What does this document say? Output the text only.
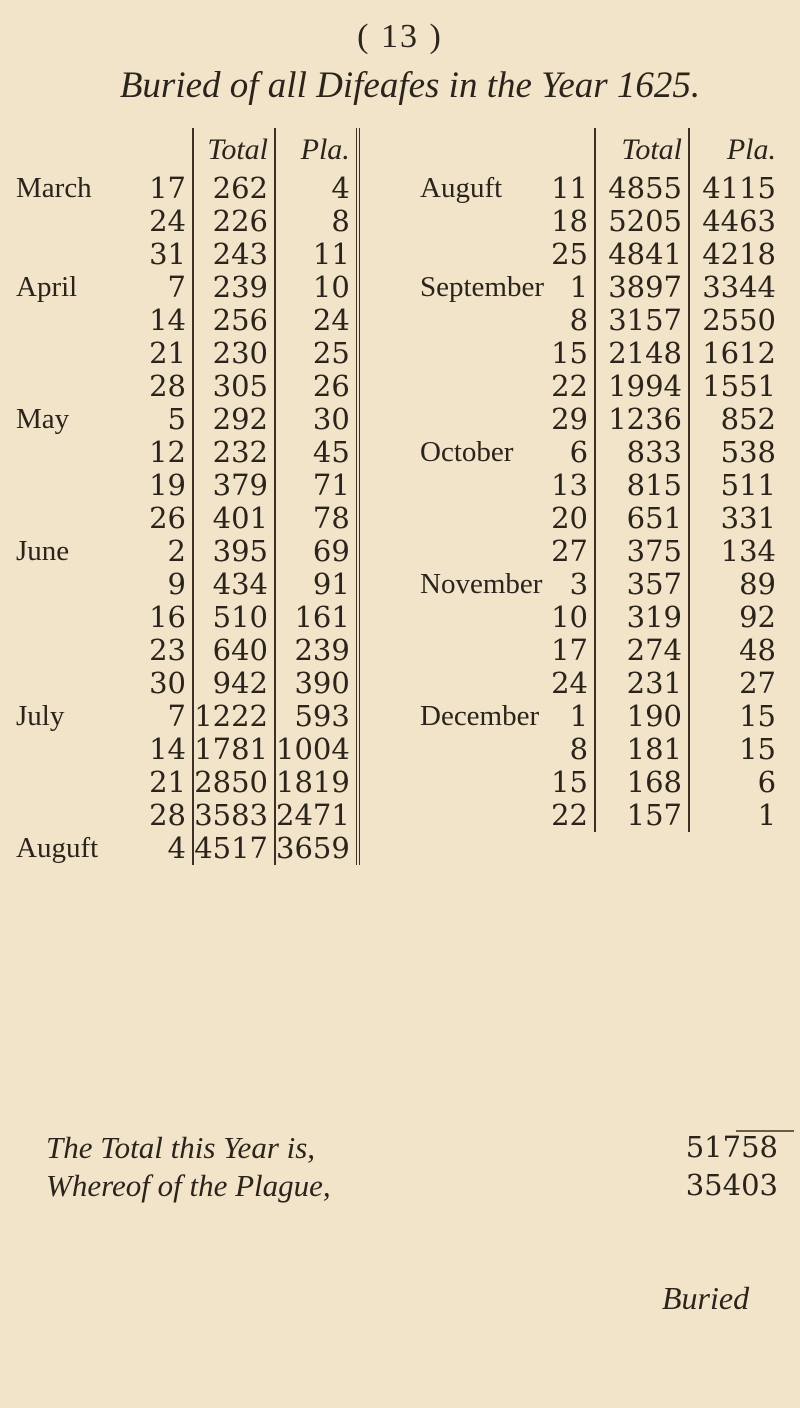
( 13 )
Buried of all Difeafes in the Year 1625.
		Total	Pla.
March	17	262	4
	24	226	8
	31	243	11
April	7	239	10
	14	256	24
	21	230	25
	28	305	26
May	5	292	30
	12	232	45
	19	379	71
	26	401	78
June	2	395	69
	9	434	91
	16	510	161
	23	640	239
	30	942	390
July	7	1222	593
	14	1781	1004
	21	2850	1819
	28	3583	2471
Auguft	4	4517	3659
		Total	Pla.
Auguft	11	4855	4115
	18	5205	4463
	25	4841	4218
September	1	3897	3344
	8	3157	2550
	15	2148	1612
	22	1994	1551
	29	1236	852
October	6	833	538
	13	815	511
	20	651	331
	27	375	134
November	3	357	89
	10	319	92
	17	274	48
	24	231	27
December	1	190	15
	8	181	15
	15	168	6
	22	157	1
The Total this Year is,	51758
Whereof of the Plague,	35403
Buried
